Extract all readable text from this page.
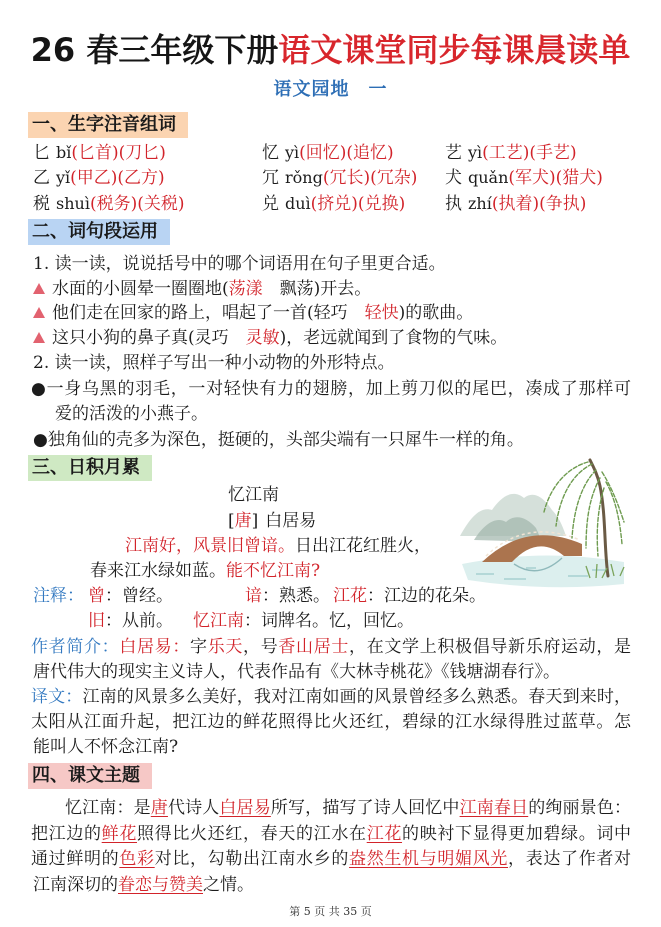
26 春三年级下册语文课堂同步每课晨读单
语文园地　一
一、生字注音组词
匕 bǐ(匕首)(刀匕)	忆 yì(回忆)(追忆)	艺 yì(工艺)(手艺)
乙 yǐ(甲乙)(乙方)	冗 rǒng(冗长)(冗杂) 犬 quǎn(军犬)(猎犬)
税 shuì(税务)(关税)	兑 duì(挤兑)(兑换) 执 zhí(执着)(争执)
二、词句段运用
1. 读一读，说说括号中的哪个词语用在句子里更合适。
水面的小圆晕一圈圈地(荡漾　飘荡)开去。
他们走在回家的路上，唱起了一首(轻巧　轻快)的歌曲。
这只小狗的鼻子真(灵巧　灵敏)，老远就闻到了食物的气味。
2. 读一读，照样子写出一种小动物的外形特点。
●一身乌黑的羽毛，一对轻快有力的翅膀，加上剪刀似的尾巴，凑成了那样可
爱的活泼的小燕子。
●独角仙的壳多为深色，挺硬的，头部尖端有一只犀牛一样的角。
三、日积月累
忆江南
[唐] 白居易
江南好，风景旧曾谙。日出江花红胜火，
春来江水绿如蓝。能不忆江南?
注释： 曾：曾经。	谙：熟悉。 江花：江边的花朵。
旧：从前。 忆江南：词牌名。忆，回忆。
作者简介：白居易：字乐天，号香山居士，在文学上积极倡导新乐府运动，是
唐代伟大的现实主义诗人，代表作品有《大林寺桃花》《钱塘湖春行》。
译文：江南的风景多么美好，我对江南如画的风景曾经多么熟悉。春天到来时，
太阳从江面升起，把江边的鲜花照得比火还红，碧绿的江水绿得胜过蓝草。怎
能叫人不怀念江南?
四、课文主题
忆江南：是唐代诗人白居易所写，描写了诗人回忆中江南春日的绚丽景色：
把江边的鲜花照得比火还红，春天的江水在江花的映衬下显得更加碧绿。词中
通过鲜明的色彩对比，勾勒出江南水乡的盎然生机与明媚风光，表达了作者对
江南深切的眷恋与赞美之情。
第 5 页 共 35 页
